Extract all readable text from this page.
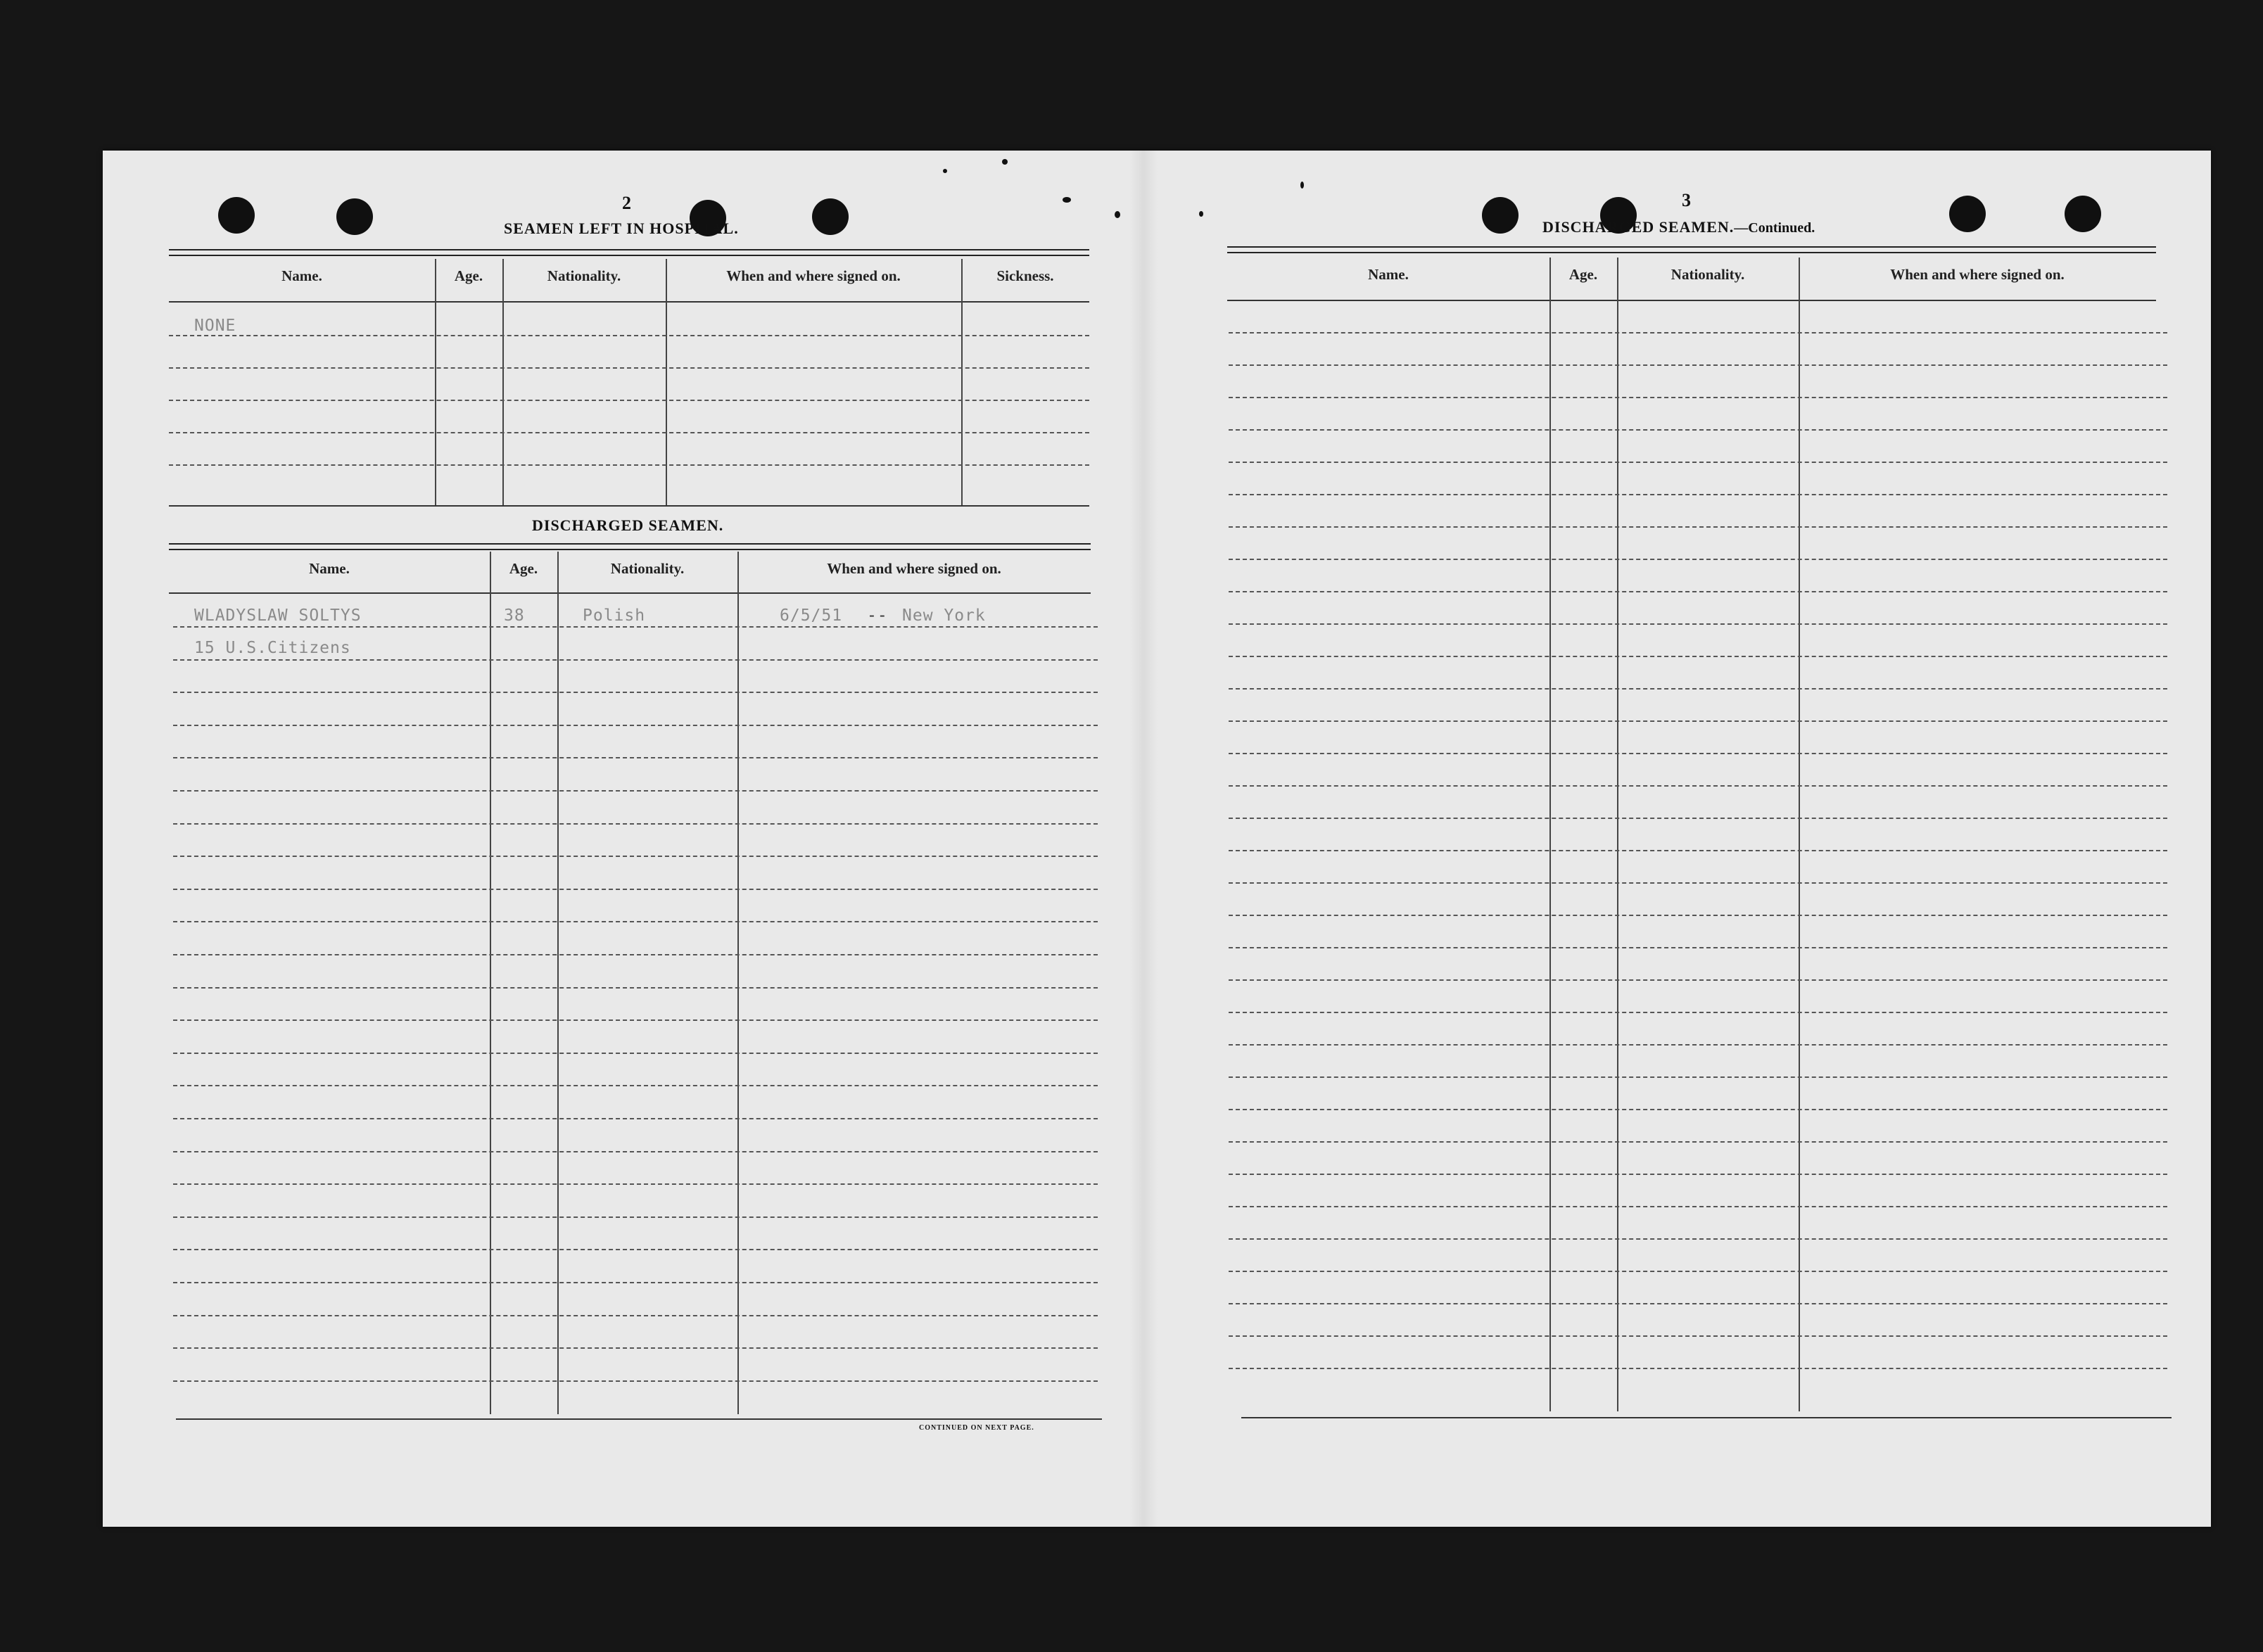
2
SEAMEN LEFT IN HOSPITAL.
Name.	Age.	Nationality.	When and where signed on.	Sickness.
NONE
DISCHARGED SEAMEN.
Name.	Age.	Nationality.	When and where signed on.
WLADYSLAW SOLTYS	38	Polish	6/5/51 -- New York
15 U.S.Citizens
CONTINUED ON NEXT PAGE.
3
DISCHARGED SEAMEN.—Continued.
Name.	Age.	Nationality.	When and where signed on.
